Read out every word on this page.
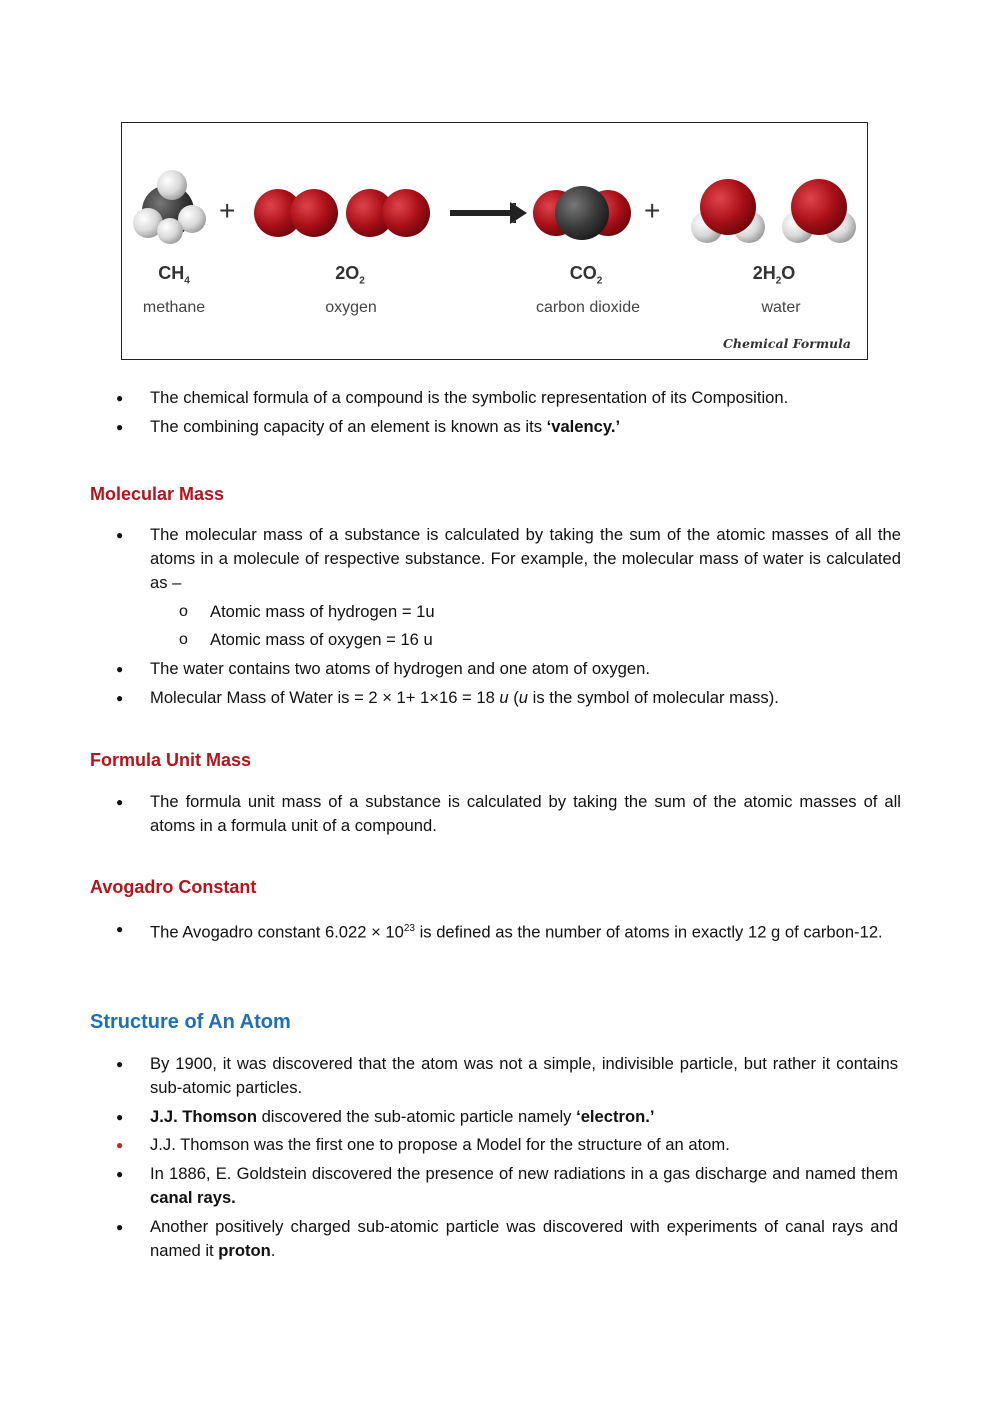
+	+
$CH_4$	$2O_2$	$CO_2$	$2H_2O$
methane	oxygen	carbon dioxide	water
Chemical Formula
● The chemical formula of a compound is the symbolic representation of its Composition.
● The combining capacity of an element is known as its ‘valency.’
Molecular Mass
● The molecular mass of a substance is calculated by taking the sum of the atomic masses of all the atoms in a molecule of respective substance. For example, the molecular mass of water is calculated as –
o Atomic mass of hydrogen = 1u
o Atomic mass of oxygen = 16 u
● The water contains two atoms of hydrogen and one atom of oxygen.
● Molecular Mass of Water is = 2 × 1+ 1×16 = 18 u (u is the symbol of molecular mass).
Formula Unit Mass
● The formula unit mass of a substance is calculated by taking the sum of the atomic masses of all atoms in a formula unit of a compound.
Avogadro Constant
● The Avogadro constant $6.022 \times 10^{23}$ is defined as the number of atoms in exactly 12 g of carbon-12.
Structure of An Atom
● By 1900, it was discovered that the atom was not a simple, indivisible particle, but rather it contains sub-atomic particles.
● J.J. Thomson discovered the sub-atomic particle namely ‘electron.’
● J.J. Thomson was the first one to propose a Model for the structure of an atom.
● In 1886, E. Goldstein discovered the presence of new radiations in a gas discharge and named them canal rays.
● Another positively charged sub-atomic particle was discovered with experiments of canal rays and named it proton.
